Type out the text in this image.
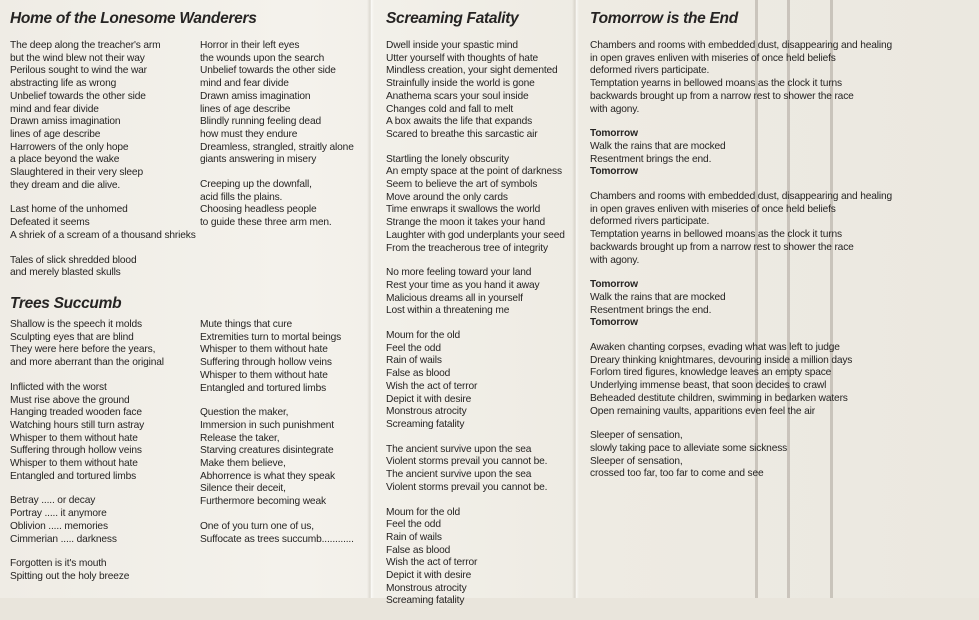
Home of the Lonesome Wanderers
The deep along the treacher's arm
but the wind blew not their way
Perilous sought to wind the war
abstracting life as wrong
Unbelief towards the other side
mind and fear divide
Drawn amiss imagination
lines of age describe
Harrowers of the only hope
a place beyond the wake
Slaughtered in their very sleep
they dream and die alive.
Last home of the unhomed
Defeated it seems
A shriek of a scream of a thousand shrieks
Tales of slick shredded blood
and merely blasted skulls
Horror in their left eyes
the wounds upon the search
Unbelief towards the other side
mind and fear divide
Drawn amiss imagination
lines of age describe
Blindly running feeling dead
how must they endure
Dreamless, strangled, straitly alone
giants answering in misery
Creeping up the downfall,
acid fills the plains.
Choosing headless people
to guide these three arm men.
Trees Succumb
Shallow is the speech it molds
Sculpting eyes that are blind
They were here before the years,
and more aberrant than the original
Inflicted with the worst
Must rise above the ground
Hanging treaded wooden face
Watching hours still turn astray
Whisper to them without hate
Suffering through hollow veins
Whisper to them without hate
Entangled and tortured limbs
Betray ..... or decay
Portray ..... it anymore
Oblivion ..... memories
Cimmerian ..... darkness
Forgotten is it's mouth
Spitting out the holy breeze
Mute things that cure
Extremities turn to mortal beings
Whisper to them without hate
Suffering through hollow veins
Whisper to them without hate
Entangled and tortured limbs
Question the maker,
Immersion in such punishment
Release the taker,
Starving creatures disintegrate
Make them believe,
Abhorrence is what they speak
Silence their deceit,
Furthermore becoming weak
One of you turn one of us,
Suffocate as trees succumb............
Screaming Fatality
Dwell inside your spastic mind
Utter yourself with thoughts of hate
Mindless creation, your sight demented
Strainfully inside the world is gone
Anathema scars your soul inside
Changes cold and fall to melt
A box awaits the life that expands
Scared to breathe this sarcastic air
Startling the lonely obscurity
An empty space at the point of darkness
Seem to believe the art of symbols
Move around the only cards
Time enwraps it swallows the world
Strange the moon it takes your hand
Laughter with god underplants your seed
From the treacherous tree of integrity
No more feeling toward your land
Rest your time as you hand it away
Malicious dreams all in yourself
Lost within a threatening me
Moum for the old
Feel the odd
Rain of wails
False as blood
Wish the act of terror
Depict it with desire
Monstrous atrocity
Screaming fatality
The ancient survive upon the sea
Violent storms prevail you cannot be.
The ancient survive upon the sea
Violent storms prevail you cannot be.
Moum for the old
Feel the odd
Rain of wails
False as blood
Wish the act of terror
Depict it with desire
Monstrous atrocity
Screaming fatality
Tomorrow is the End
Chambers and rooms with embedded dust, disappearing and healing
in open graves enliven with miseries of once held beliefs
deformed rivers participate.
Temptation yearns in bellowed moans as the clock it turns
backwards brought up from a narrow rest to shower the race
with agony.
Tomorrow
Walk the rains that are mocked
Resentment brings the end.
Tomorrow
Chambers and rooms with embedded dust, disappearing and healing
in open graves enliven with miseries of once held beliefs
deformed rivers participate.
Temptation yearns in bellowed moans as the clock it turns
backwards brought up from a narrow rest to shower the race
with agony.
Tomorrow
Walk the rains that are mocked
Resentment brings the end.
Tomorrow
Awaken chanting corpses, evading what was left to judge
Dreary thinking knightmares, devouring inside a million days
Forlom tired figures, knowledge leaves an empty space
Underlying immense beast, that soon decides to crawl
Beheaded destitute children, swimming in bedarken waters
Open remaining vaults, apparitions even feel the air
Sleeper of sensation,
slowly taking pace to alleviate some sickness
Sleeper of sensation,
crossed too far, too far to come and see
